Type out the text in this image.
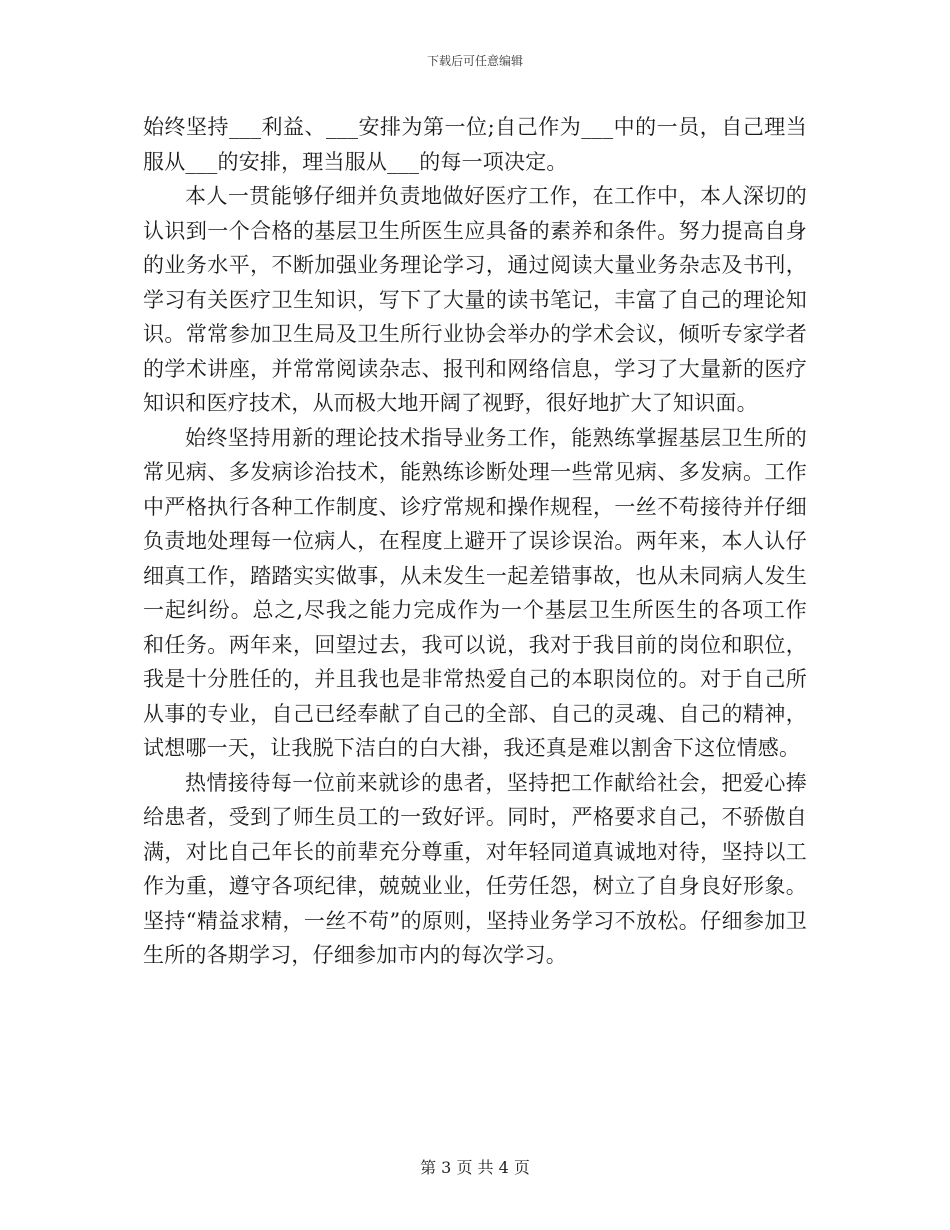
下载后可任意编辑

始终坚持___利益、___安排为第一位;自己作为___中的一员，自己理当服从___的安排，理当服从___的每一项决定。

本人一贯能够仔细并负责地做好医疗工作，在工作中，本人深切的认识到一个合格的基层卫生所医生应具备的素养和条件。努力提高自身的业务水平，不断加强业务理论学习，通过阅读大量业务杂志及书刊，学习有关医疗卫生知识，写下了大量的读书笔记，丰富了自己的理论知识。常常参加卫生局及卫生所行业协会举办的学术会议，倾听专家学者的学术讲座，并常常阅读杂志、报刊和网络信息，学习了大量新的医疗知识和医疗技术，从而极大地开阔了视野，很好地扩大了知识面。

始终坚持用新的理论技术指导业务工作，能熟练掌握基层卫生所的常见病、多发病诊治技术，能熟练诊断处理一些常见病、多发病。工作中严格执行各种工作制度、诊疗常规和操作规程，一丝不苟接待并仔细负责地处理每一位病人，在程度上避开了误诊误治。两年来，本人认仔细真工作，踏踏实实做事，从未发生一起差错事故，也从未同病人发生一起纠纷。总之,尽我之能力完成作为一个基层卫生所医生的各项工作和任务。两年来，回望过去，我可以说，我对于我目前的岗位和职位，我是十分胜任的，并且我也是非常热爱自己的本职岗位的。对于自己所从事的专业，自己已经奉献了自己的全部、自己的灵魂、自己的精神，试想哪一天，让我脱下洁白的白大褂，我还真是难以割舍下这位情感。

热情接待每一位前来就诊的患者，坚持把工作献给社会，把爱心捧给患者，受到了师生员工的一致好评。同时，严格要求自己，不骄傲自满，对比自己年长的前辈充分尊重，对年轻同道真诚地对待，坚持以工作为重，遵守各项纪律，兢兢业业，任劳任怨，树立了自身良好形象。坚持“精益求精，一丝不苟”的原则，坚持业务学习不放松。仔细参加卫生所的各期学习，仔细参加市内的每次学习。

第 3 页 共 4 页
